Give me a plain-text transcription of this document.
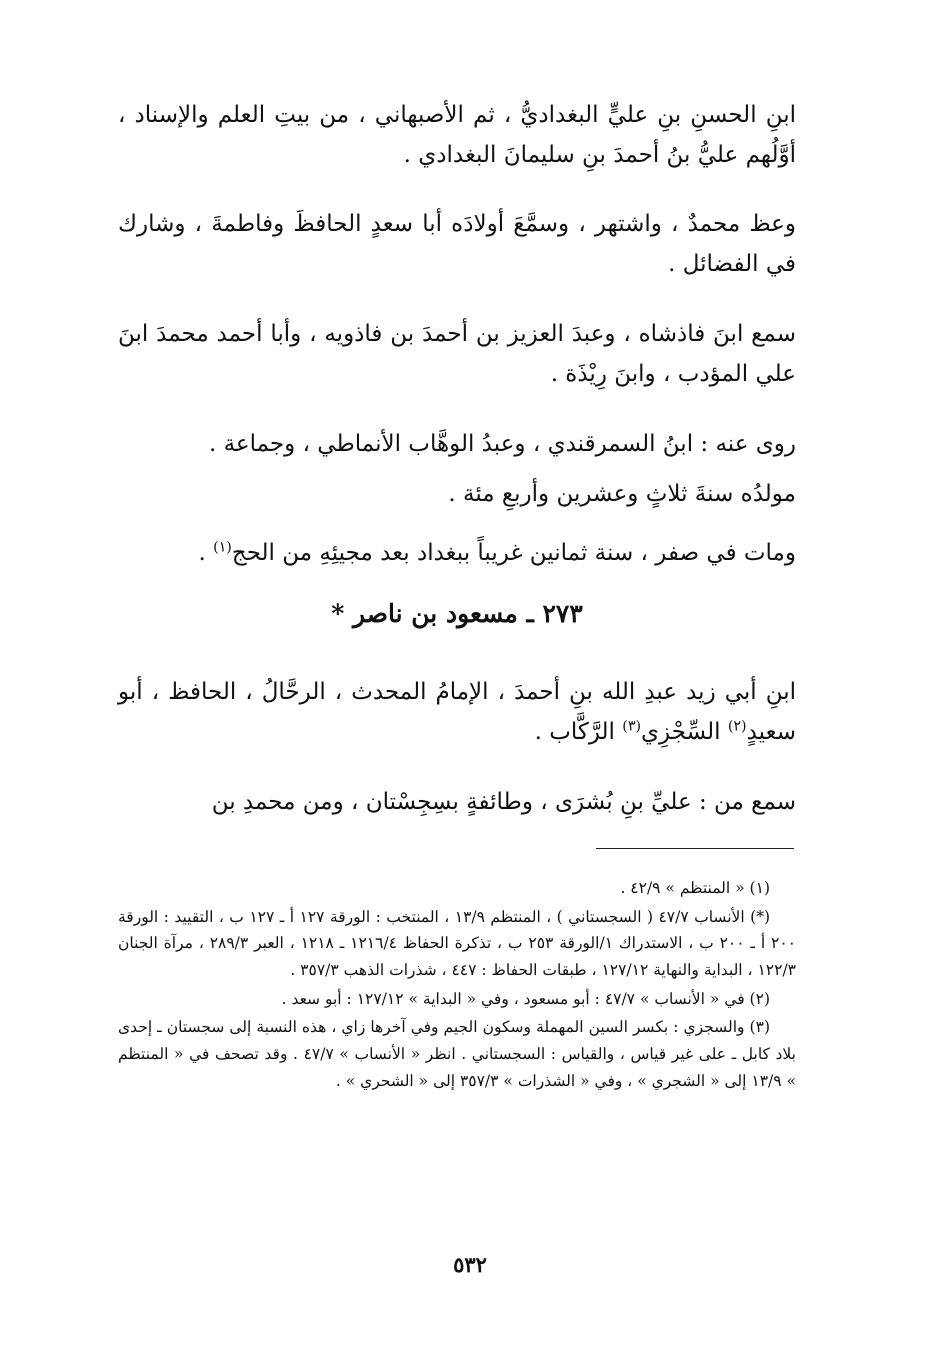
ابنِ الحسنِ بنِ عليٍّ البغداديُّ ، ثم الأصبهاني ، من بيتِ العلم والإسناد ، أوَّلُهم عليُّ بنُ أحمدَ بنِ سليمانَ البغدادي .

وعظ محمدٌ ، واشتهر ، وسمَّعَ أولادَه أبا سعدٍ الحافظَ وفاطمةَ ، وشارك في الفضائل .

سمع ابنَ فاذشاه ، وعبدَ العزيز بن أحمدَ بن فاذويه ، وأبا أحمد محمدَ ابنَ علي المؤدب ، وابنَ رِيْذَة .

روى عنه : ابنُ السمرقندي ، وعبدُ الوهَّاب الأنماطي ، وجماعة .

مولدُه سنةَ ثلاثٍ وعشرين وأربعِ مئة .

ومات في صفر ، سنة ثمانين غريباً ببغداد بعد مجيئِهِ من الحج$^{(١)}$ .

٢٧٣ ـ مسعود بن ناصر *

ابنِ أبي زيد عبدِ الله بنِ أحمدَ ، الإمامُ المحدث ، الرحَّالُ ، الحافظ ، أبو سعيدٍ$^{(٢)}$ السِّجْزِي$^{(٣)}$ الرَّكَّاب .

سمع من : عليِّ بنِ بُشرَى ، وطائفةٍ بسِجِسْتان ، ومن محمدِ بن

(١) « المنتظم » ٤٢/٩ .

(*) الأنساب ٤٧/٧ ( السجستاني ) ، المنتظم ١٣/٩ ، المنتخب : الورقة ١٢٧ أ ـ ١٢٧ ب ، التقييد : الورقة ٢٠٠ أ ـ ٢٠٠ ب ، الاستدراك ١/الورقة ٢٥٣ ب ، تذكرة الحفاظ ١٢١٦/٤ ـ ١٢١٨ ، العبر ٢٨٩/٣ ، مرآة الجنان ١٢٢/٣ ، البداية والنهاية ١٢٧/١٢ ، طبقات الحفاظ : ٤٤٧ ، شذرات الذهب ٣٥٧/٣ .

(٢) في « الأنساب » ٤٧/٧ : أبو مسعود ، وفي « البداية » ١٢٧/١٢ : أبو سعد .

(٣) والسجزي : بكسر السين المهملة وسكون الجيم وفي آخرها زاي ، هذه النسبة إلى سجستان ـ إحدى بلاد كابل ـ على غير قياس ، والقياس : السجستاني . انظر « الأنساب » ٤٧/٧ . وقد تصحف في « المنتظم » ١٣/٩ إلى « الشجري » ، وفي « الشذرات » ٣٥٧/٣ إلى « الشحري » .

٥٣٢
